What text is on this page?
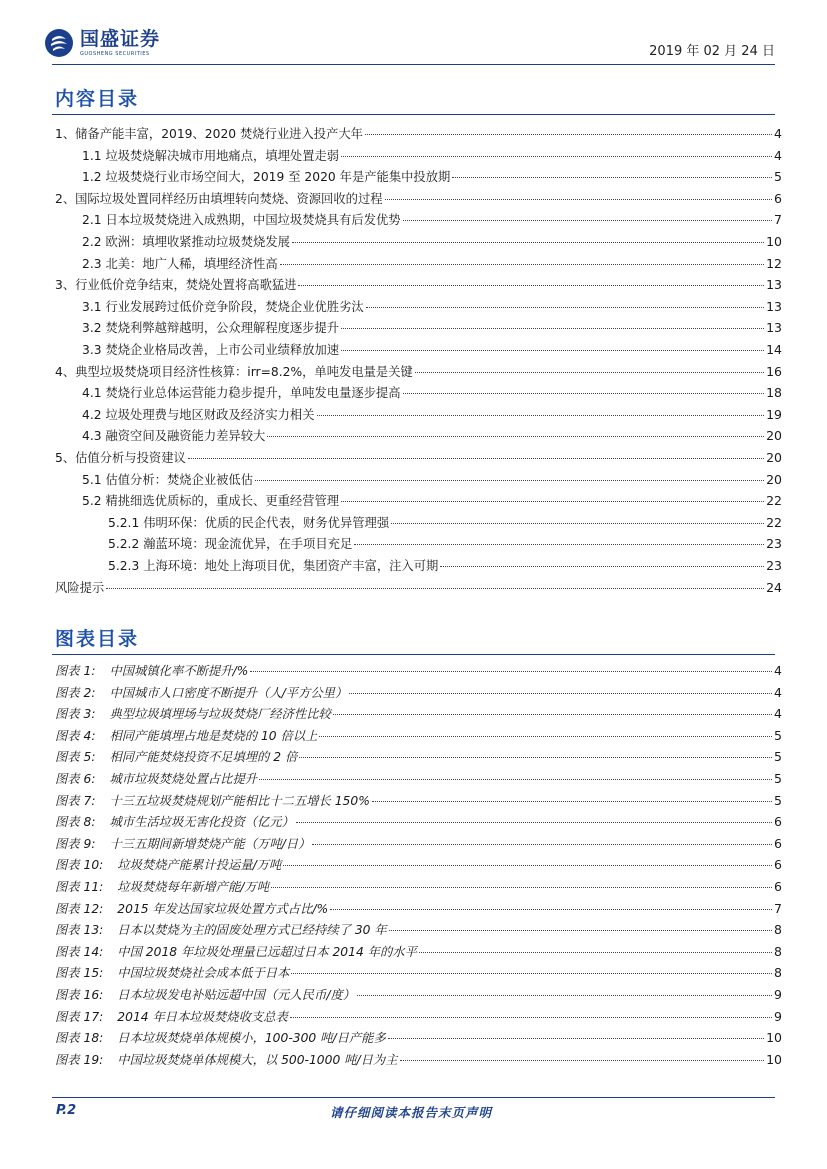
国盛证券
GUOSHENG SECURITIES	2019 年 02 月 24 日
内容目录
1、储备产能丰富，2019、2020 焚烧行业进入投产大年	4
1.1 垃圾焚烧解决城市用地痛点，填埋处置走弱	4
1.2 垃圾焚烧行业市场空间大，2019 至 2020 年是产能集中投放期	5
2、国际垃圾处置同样经历由填埋转向焚烧、资源回收的过程	6
2.1 日本垃圾焚烧进入成熟期，中国垃圾焚烧具有后发优势	7
2.2 欧洲：填埋收紧推动垃圾焚烧发展	10
2.3 北美：地广人稀，填埋经济性高	12
3、行业低价竞争结束，焚烧处置将高歌猛进	13
3.1 行业发展跨过低价竞争阶段，焚烧企业优胜劣汰	13
3.2 焚烧利弊越辩越明，公众理解程度逐步提升	13
3.3 焚烧企业格局改善，上市公司业绩释放加速	14
4、典型垃圾焚烧项目经济性核算：irr=8.2%，单吨发电量是关键	16
4.1 焚烧行业总体运营能力稳步提升，单吨发电量逐步提高	18
4.2 垃圾处理费与地区财政及经济实力相关	19
4.3 融资空间及融资能力差异较大	20
5、估值分析与投资建议	20
5.1 估值分析：焚烧企业被低估	20
5.2 精挑细选优质标的，重成长、更重经营管理	22
5.2.1 伟明环保：优质的民企代表，财务优异管理强	22
5.2.2 瀚蓝环境：现金流优异，在手项目充足	23
5.2.3 上海环境：地处上海项目优，集团资产丰富，注入可期	23
风险提示	24
图表目录
图表 1: 中国城镇化率不断提升/%	4
图表 2: 中国城市人口密度不断提升（人/平方公里）	4
图表 3: 典型垃圾填埋场与垃圾焚烧厂经济性比较	4
图表 4: 相同产能填埋占地是焚烧的 10 倍以上	5
图表 5: 相同产能焚烧投资不足填埋的 2 倍	5
图表 6: 城市垃圾焚烧处置占比提升	5
图表 7: 十三五垃圾焚烧规划产能相比十二五增长 150%	5
图表 8: 城市生活垃圾无害化投资（亿元）	6
图表 9: 十三五期间新增焚烧产能（万吨/日）	6
图表 10: 垃圾焚烧产能累计投运量/万吨	6
图表 11: 垃圾焚烧每年新增产能/万吨	6
图表 12: 2015 年发达国家垃圾处置方式占比/%	7
图表 13: 日本以焚烧为主的固废处理方式已经持续了 30 年	8
图表 14: 中国 2018 年垃圾处理量已远超过日本 2014 年的水平	8
图表 15: 中国垃圾焚烧社会成本低于日本	8
图表 16: 日本垃圾发电补贴远超中国（元人民币/度）	9
图表 17: 2014 年日本垃圾焚烧收支总表	9
图表 18: 日本垃圾焚烧单体规模小，100-300 吨/日产能多	10
图表 19: 中国垃圾焚烧单体规模大，以 500-1000 吨/日为主	10
P.2	请仔细阅读本报告末页声明
